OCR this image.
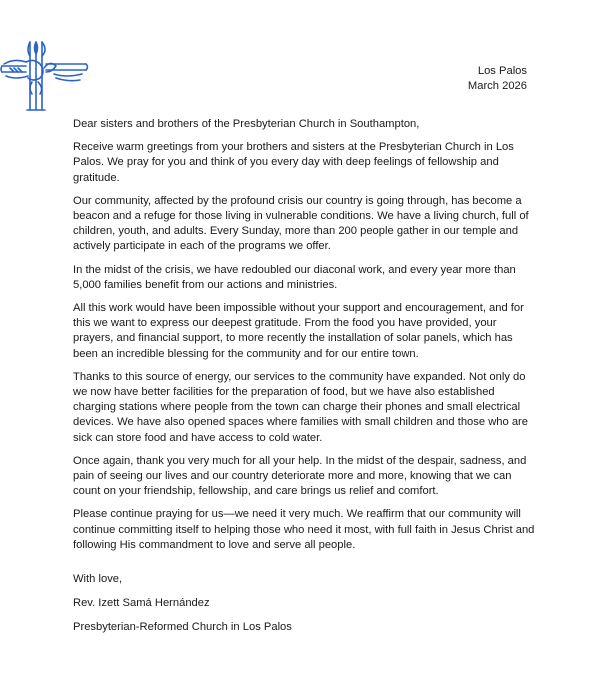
Los Palos
March 2026

Dear sisters and brothers of the Presbyterian Church in Southampton,

Receive warm greetings from your brothers and sisters at the Presbyterian Church in Los Palos. We pray for you and think of you every day with deep feelings of fellowship and gratitude.

Our community, affected by the profound crisis our country is going through, has become a beacon and a refuge for those living in vulnerable conditions. We have a living church, full of children, youth, and adults. Every Sunday, more than 200 people gather in our temple and actively participate in each of the programs we offer.

In the midst of the crisis, we have redoubled our diaconal work, and every year more than 5,000 families benefit from our actions and ministries.

All this work would have been impossible without your support and encouragement, and for this we want to express our deepest gratitude. From the food you have provided, your prayers, and financial support, to more recently the installation of solar panels, which has been an incredible blessing for the community and for our entire town.

Thanks to this source of energy, our services to the community have expanded. Not only do we now have better facilities for the preparation of food, but we have also established charging stations where people from the town can charge their phones and small electrical devices. We have also opened spaces where families with small children and those who are sick can store food and have access to cold water.

Once again, thank you very much for all your help. In the midst of the despair, sadness, and pain of seeing our lives and our country deteriorate more and more, knowing that we can count on your friendship, fellowship, and care brings us relief and comfort.

Please continue praying for us—we need it very much. We reaffirm that our community will continue committing itself to helping those who need it most, with full faith in Jesus Christ and following His commandment to love and serve all people.

With love,

Rev. Izett Samá Hernández

Presbyterian-Reformed Church in Los Palos
